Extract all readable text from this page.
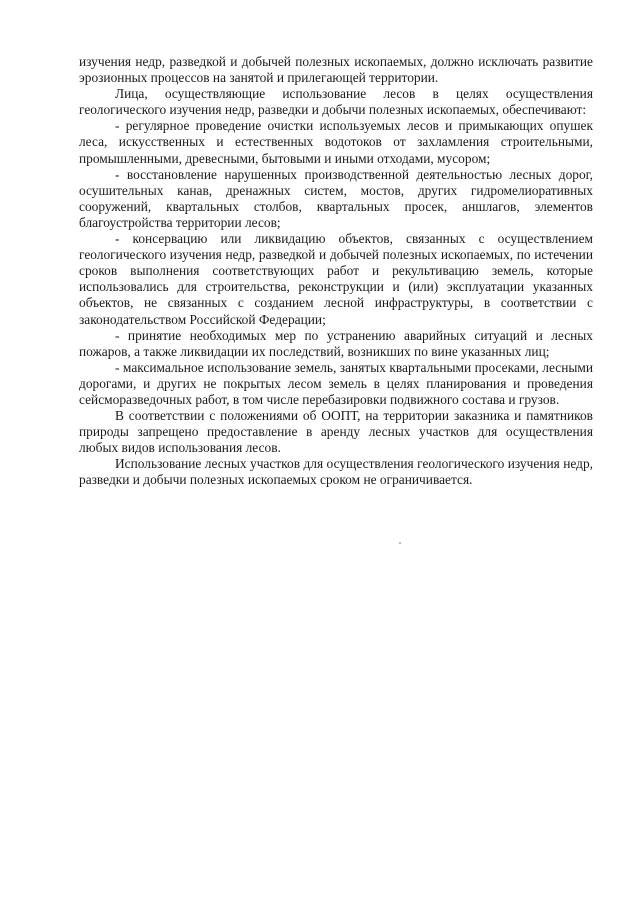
изучения недр, разведкой и добычей полезных ископаемых, должно исключать развитие эрозионных процессов на занятой и прилегающей территории.

Лица, осуществляющие использование лесов в целях осуществления геологического изучения недр, разведки и добычи полезных ископаемых, обеспечивают:

- регулярное проведение очистки используемых лесов и примыкающих опушек леса, искусственных и естественных водотоков от захламления строительными, промышленными, древесными, бытовыми и иными отходами, мусором;

- восстановление нарушенных производственной деятельностью лесных дорог, осушительных канав, дренажных систем, мостов, других гидромелиоративных сооружений, квартальных столбов, квартальных просек, аншлагов, элементов благоустройства территории лесов;

- консервацию или ликвидацию объектов, связанных с осуществлением геологического изучения недр, разведкой и добычей полезных ископаемых, по истечении сроков выполнения соответствующих работ и рекультивацию земель, которые использовались для строительства, реконструкции и (или) эксплуатации указанных объектов, не связанных с созданием лесной инфраструктуры, в соответствии с законодательством Российской Федерации;

- принятие необходимых мер по устранению аварийных ситуаций и лесных пожаров, а также ликвидации их последствий, возникших по вине указанных лиц;

- максимальное использование земель, занятых квартальными просеками, лесными дорогами, и других не покрытых лесом земель в целях планирования и проведения сейсморазведочных работ, в том числе перебазировки подвижного состава и грузов.

В соответствии с положениями об ООПТ, на территории заказника и памятников природы запрещено предоставление в аренду лесных участков для осуществления любых видов использования лесов.

Использование лесных участков для осуществления геологического изучения недр, разведки и добычи полезных ископаемых сроком не ограничивается.
